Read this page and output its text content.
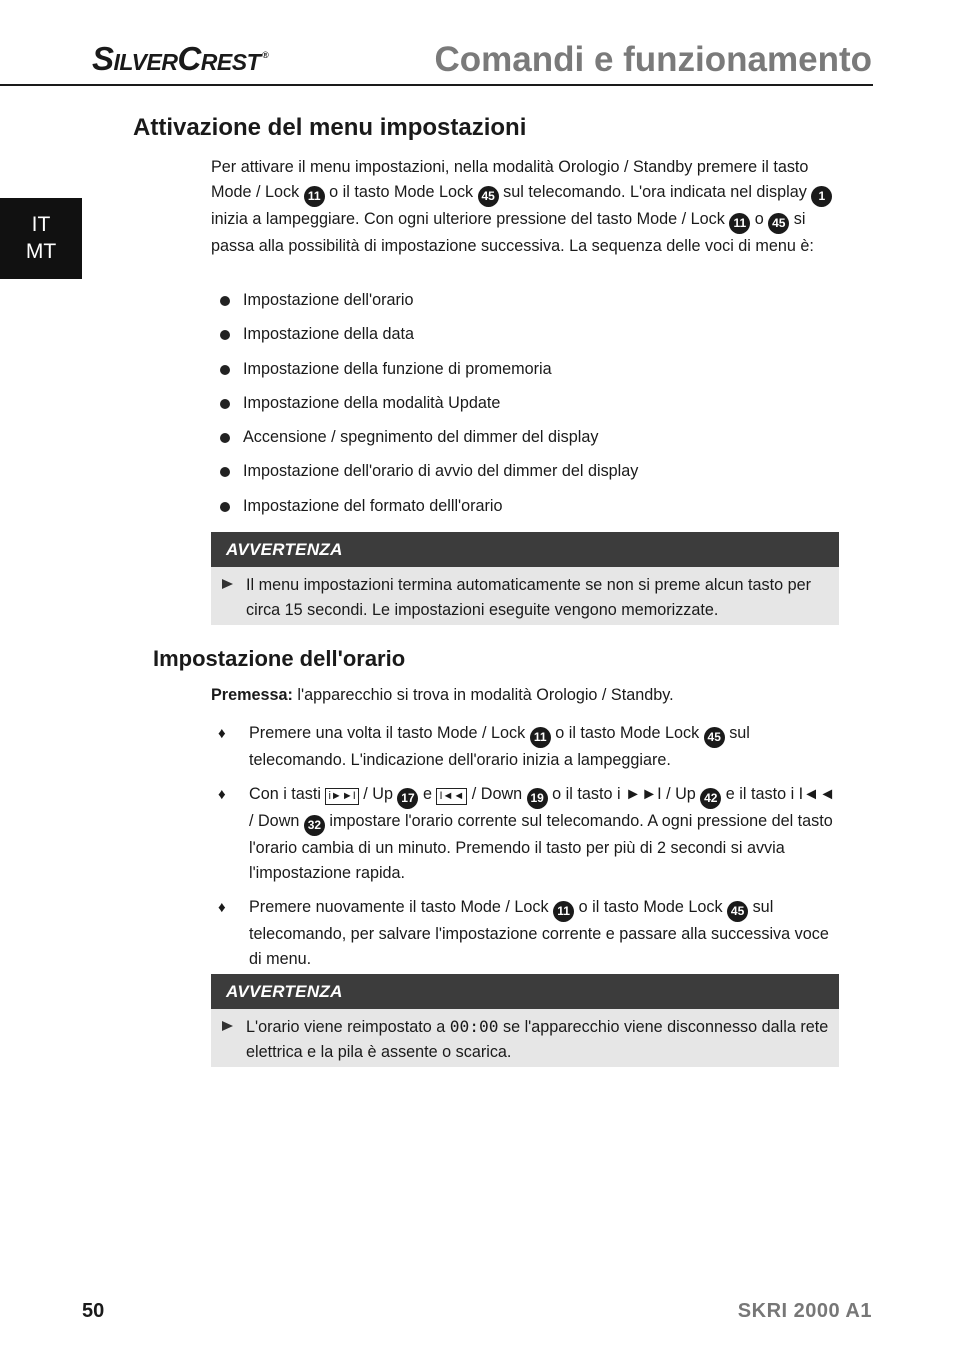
SilverCrest ®	Comandi e funzionamento
IT
MT
Attivazione del menu impostazioni
Per attivare il menu impostazioni, nella modalità Orologio / Standby premere il tasto Mode / Lock 11 o il tasto Mode Lock 45 sul telecomando. L'ora indicata nel display 1 inizia a lampeggiare. Con ogni ulteriore pressione del tasto Mode / Lock 11 o 45 si passa alla possibilità di impostazione successiva. La sequenza delle voci di menu è:
Impostazione dell'orario
Impostazione della data
Impostazione della funzione di promemoria
Impostazione della modalità Update
Accensione / spegnimento del dimmer del display
Impostazione dell'orario di avvio del dimmer del display
Impostazione del formato delll'orario
AVVERTENZA
Il menu impostazioni termina automaticamente se non si preme alcun tasto per circa 15 secondi. Le impostazioni eseguite vengono memorizzate.
Impostazione dell'orario
Premessa: l'apparecchio si trova in modalità Orologio / Standby.
♦ Premere una volta il tasto Mode / Lock 11 o il tasto Mode Lock 45 sul telecomando. L'indicazione dell'orario inizia a lampeggiare.
♦ Con i tasti i►►I / Up 17 e I◄◄ / Down 19 o il tasto i ►►I / Up 42 e il tasto i I◄◄ / Down 32 impostare l'orario corrente sul telecomando. A ogni pressione del tasto l'orario cambia di un minuto. Premendo il tasto per più di 2 secondi si avvia l'impostazione rapida.
♦ Premere nuovamente il tasto Mode / Lock 11 o il tasto Mode Lock 45 sul telecomando, per salvare l'impostazione corrente e passare alla successiva voce di menu.
AVVERTENZA
L'orario viene reimpostato a 00:00 se l'apparecchio viene disconnesso dalla rete elettrica e la pila è assente o scarica.
50	SKRI 2000 A1
